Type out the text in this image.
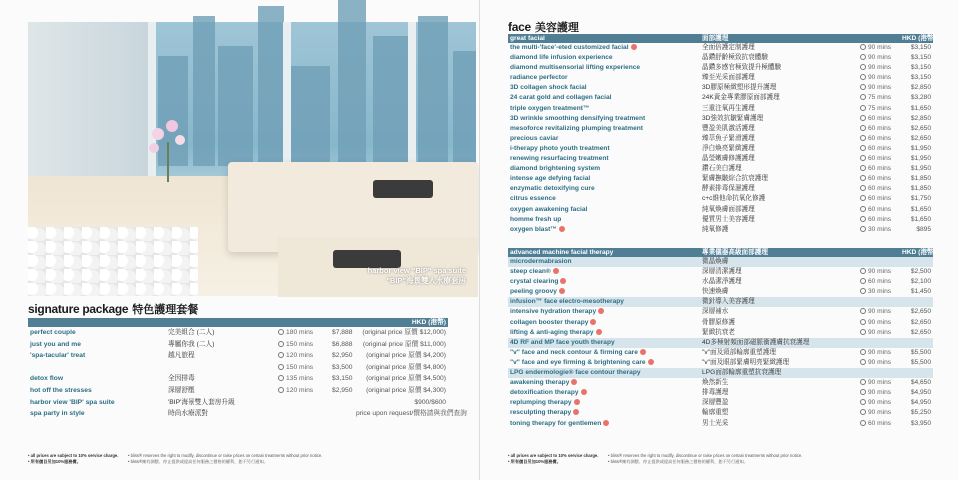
harbor view "BIP" spa suite
"BIP"海景雙人水療套房
signature package 特色護理套餐
				HKD (港幣)
perfect couple	完美組合 (二人)	180 mins	$7,888	(original price 原價 $12,000)
just you and me	專屬你我 (二人)	150 mins	$6,888	(original price 原價 $11,000)
'spa-tacular' treat	越凡旅程	120 mins	$2,950	(original price 原價 $4,200)
		150 mins	$3,500	(original price 原價 $4,800)
detox flow	全因排毒	135 mins	$3,150	(original price 原價 $4,500)
hot off the stresses	深層舒壓	120 mins	$2,950	(original price 原價 $4,300)
harbor view 'BIP' spa suite	'BIP'海景雙人套房升級			$900/$600
spa party in style	時尚水療派對			price upon request/價格請與我們查詢
• all prices are subject to 10% service charge.
• 所有價目另加10%服務費。
• bliss® reserves the right to modify, discontinue or raise prices on certain treatments without prior notice.
• bliss®擁有調整、停止提供或提高任何服務之價格的權利，恕不另行通知。
face 美容護理
great facial	面部護理		HKD (港幣)
the multi-'face'-eted customized facial	全面倍護定制護理	90 mins	$3,150
diamond life infusion experience	晶鑽舒齡極致抗衰體驗	90 mins	$3,150
diamond multisensorial lifting experience	晶鑽多感官極致提升極體驗	90 mins	$3,150
radiance perfector	臻至光采面部護理	90 mins	$3,150
3D collagen shock facial	3D膠原極緻塑形提升護理	90 mins	$2,850
24 carat gold and collagen facial	24K黃金專業膠原面部護理	75 mins	$3,280
triple oxygen treatment™	三重注氧再生護理	75 mins	$1,650
3D wrinkle smoothing densifying treatment	3D強效抗皺緊膚護理	60 mins	$2,850
mesoforce revitalizing plumping treatment	豐盈美肌激活護理	60 mins	$2,650
precious caviar	臻萃魚子緊滑護理	60 mins	$2,650
i-therapy photo youth treatment	淨白煥亮緊緻護理	60 mins	$1,950
renewing resurfacing treatment	晶瑩嫩膚修護護理	60 mins	$1,950
diamond brightening system	鑽石美白護理	60 mins	$1,950
intense age defying facial	緊膚撫皺綜合抗衰護理	60 mins	$1,850
enzymatic detoxifying cure	酵素排毒保濕護理	60 mins	$1,850
citrus essence	c+c維他命抗氧化修護	60 mins	$1,750
oxygen awakening facial	純氧煥膚面部護理	60 mins	$1,650
homme fresh up	優質男士美容護理	60 mins	$1,650
oxygen blast™	純氧修護	30 mins	$895
advanced machine facial therapy	專業儀器高級面部護理		HKD (港幣)
microdermabrasion	微晶煥膚		
steep clean®	深層清潔護理	90 mins	$2,500
crystal clearing	水晶潔淨護理	60 mins	$2,100
peeling groovy	快速煥膚	30 mins	$1,450
infusion™ face electro-mesotherapy	微針導入美容護理		
intensive hydration therapy	深層補水	90 mins	$2,650
collagen booster therapy	骨膠原修護	90 mins	$2,650
lifting & anti-aging therapy	緊緻抗衰老	90 mins	$2,650
4D RF and MP face youth therapy	4D多極射頻面部磁脈衝護膚抗衰護理		
"v" face and neck contour & firming care	"v"面及頸部輪廓重塑護理	90 mins	$5,500
"v" face and eye firming & brightening care	"v"面及眼部緊膚明亮緊緻護理	90 mins	$5,500
LPG endermologie® face contour therapy	LPG面部輪廓重塑抗衰護理		
awakening therapy	煥然新生	90 mins	$4,650
detoxification therapy	排毒護理	90 mins	$4,950
replumping therapy	深層豐盈	90 mins	$4,950
resculpting therapy	輪廓重塑	90 mins	$5,250
toning therapy for gentlemen	男士光采	60 mins	$3,950
• all prices are subject to 10% service charge.
• 所有價目另加10%服務費。
• bliss® reserves the right to modify, discontinue or raise prices on certain treatments without prior notice.
• bliss®擁有調整、停止提供或提高任何服務之價格的權利，恕不另行通知。
